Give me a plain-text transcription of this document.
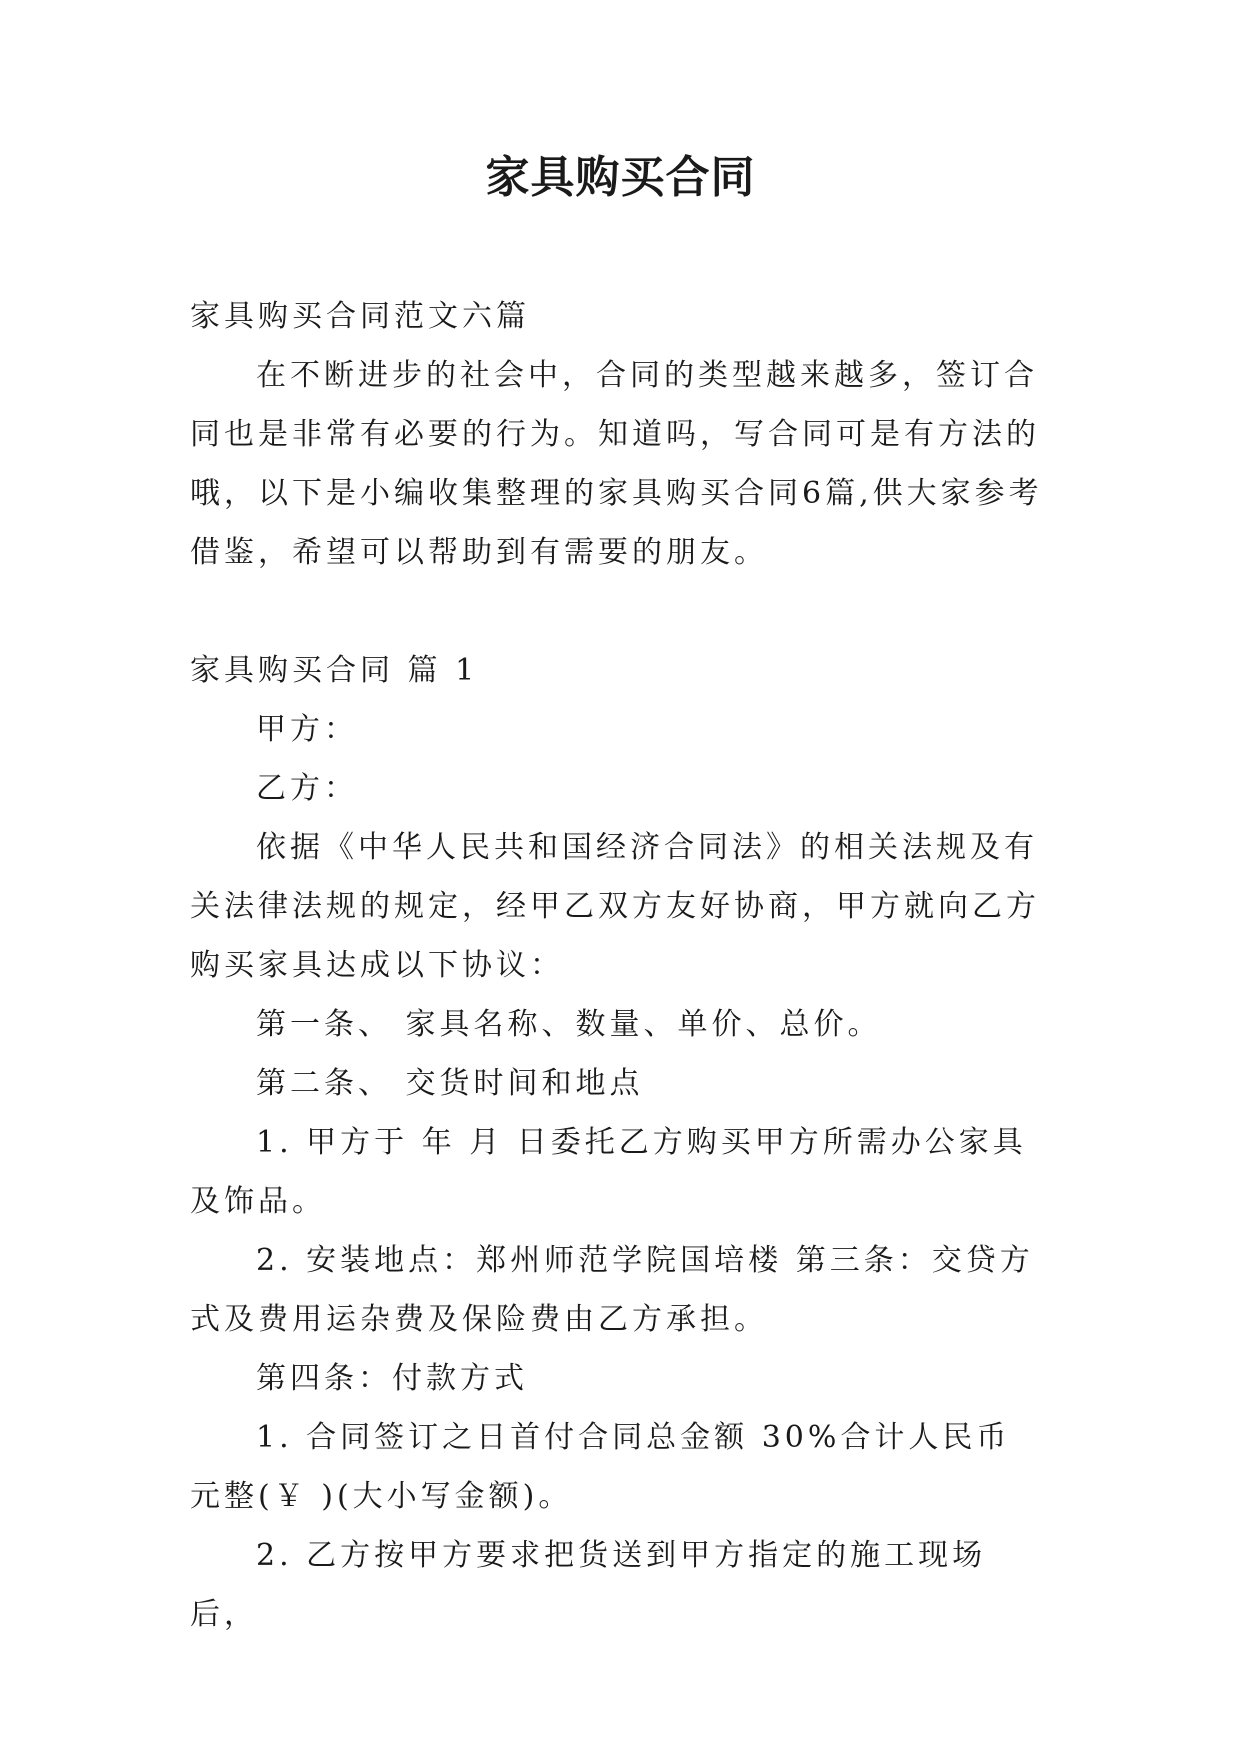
家具购买合同

家具购买合同范文六篇

在不断进步的社会中，合同的类型越来越多，签订合同也是非常有必要的行为。知道吗，写合同可是有方法的哦，以下是小编收集整理的家具购买合同6篇,供大家参考借鉴，希望可以帮助到有需要的朋友。

家具购买合同 篇 1

甲方：

乙方：

依据《中华人民共和国经济合同法》的相关法规及有关法律法规的规定，经甲乙双方友好协商，甲方就向乙方购买家具达成以下协议：

第一条、 家具名称、数量、单价、总价。

第二条、 交货时间和地点

1. 甲方于 年 月 日委托乙方购买甲方所需办公家具及饰品。

2. 安装地点：郑州师范学院国培楼 第三条：交贷方式及费用运杂费及保险费由乙方承担。

第四条：付款方式

1. 合同签订之日首付合同总金额 30%合计人民币 元整(￥ )(大小写金额)。

2. 乙方按甲方要求把货送到甲方指定的施工现场后，
